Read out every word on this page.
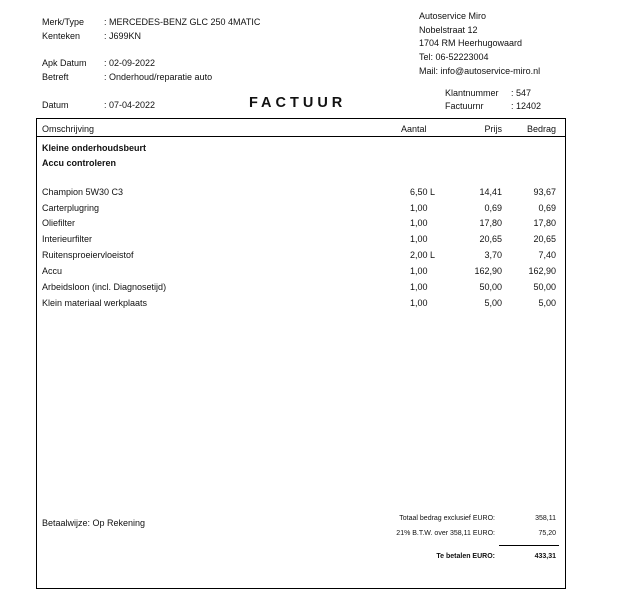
Merk/Type : MERCEDES-BENZ GLC 250 4MATIC
Kenteken	: J699KN
Apk Datum : 02-09-2022
Betreft	: Onderhoud/reparatie auto
Datum	: 07-04-2022	FACTUUR
Autoservice Miro
Nobelstraat 12
1704 RM Heerhugowaard
Tel: 06-52223004
Mail: info@autoservice-miro.nl
Klantnummer : 547
Factuurnr	: 12402
Omschrijving	Aantal	Prijs	Bedrag
Kleine onderhoudsbeurt
Accu controleren
Champion 5W30 C3	6,50 L	14,41	93,67
Carterplugring	1,00	0,69	0,69
Oliefilter	1,00	17,80	17,80
Interieurfilter	1,00	20,65	20,65
Ruitensproeiervloeistof	2,00 L	3,70	7,40
Accu	1,00	162,90	162,90
Arbeidsloon (incl. Diagnosetijd)	1,00	50,00	50,00
Klein materiaal werkplaats	1,00	5,00	5,00
Betaalwijze: Op Rekening	Totaal bedrag exclusief EURO:	358,11
21% B.T.W. over 358,11 EURO:	75,20
Te betalen EURO:	433,31
